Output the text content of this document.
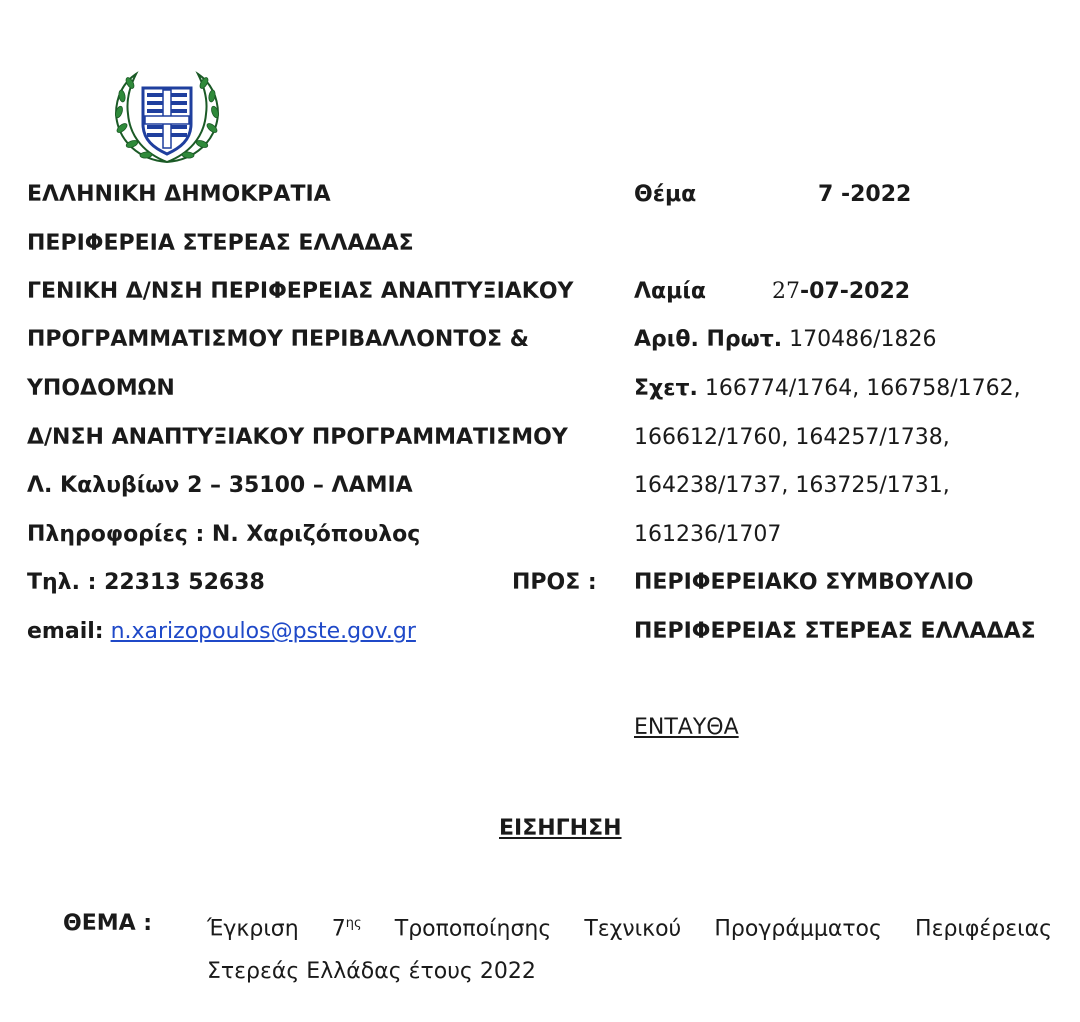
ΕΛΛΗΝΙΚΗ ΔΗΜΟΚΡΑΤΙΑ
ΠΕΡΙΦΕΡΕΙΑ ΣΤΕΡΕΑΣ ΕΛΛΑΔΑΣ
ΓΕΝΙΚΗ Δ/ΝΣΗ ΠΕΡΙΦΕΡΕΙΑΣ ΑΝΑΠΤΥΞΙΑΚΟΥ
ΠΡΟΓΡΑΜΜΑΤΙΣΜΟΥ ΠΕΡΙΒΑΛΛΟΝΤΟΣ &
ΥΠΟΔΟΜΩΝ
Δ/ΝΣΗ ΑΝΑΠΤΥΞΙΑΚΟΥ ΠΡΟΓΡΑΜΜΑΤΙΣΜΟΥ
Λ. Καλυβίων 2 – 35100 – ΛΑΜΙΑ
Πληροφορίες : Ν. Χαριζόπουλος
Τηλ. : 22313 52638
email: n.xarizopoulos@pste.gov.gr
Θέμα	7 -2022
Λαμία	27-07-2022
Αριθ. Πρωτ. 170486/1826
Σχετ. 166774/1764, 166758/1762,
166612/1760, 164257/1738,
164238/1737, 163725/1731,
161236/1707
ΠΡΟΣ : ΠΕΡΙΦΕΡΕΙΑΚΟ ΣΥΜΒΟΥΛΙΟ
ΠΕΡΙΦΕΡΕΙΑΣ ΣΤΕΡΕΑΣ ΕΛΛΑΔΑΣ
ΕΝΤΑΥΘΑ
ΕΙΣΗΓΗΣΗ
ΘΕΜΑ : Έγκριση $7^{\eta\varsigma}$ Τροποποίησης Τεχνικού Προγράμματος Περιφέρειας
Στερεάς Ελλάδας έτους 2022
